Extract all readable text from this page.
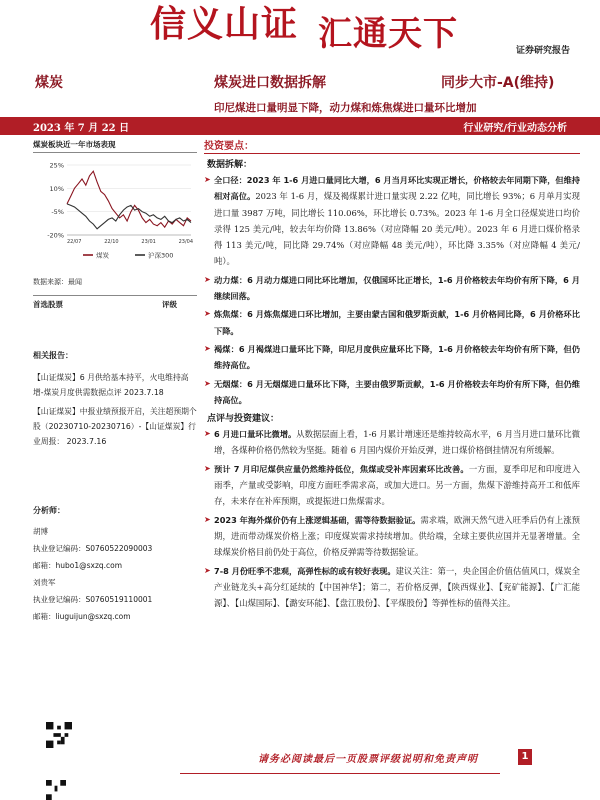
信义山证 汇通天下	证券研究报告
煤炭	煤炭进口数据拆解	同步大市-A(维持)
印尼煤进口量明显下降，动力煤和炼焦煤进口量环比增加
2023 年 7 月 22 日	行业研究/行业动态分析
煤炭板块近一年市场表现
25%
10%
-5%
-20%
22/07	22/10	23/01	23/04
煤炭	沪深300
数据来源：最闻
首选股票	评级
相关报告：

【山证煤炭】6 月供给基本持平，火电维持高增-煤炭月度供需数据点评 2023.7.18

【山证煤炭】中报业绩预报开启，关注超预期个股（20230710-20230716）-【山证煤炭】行业周报： 2023.7.16

分析师：

胡博

执业登记编码：S0760522090003

邮箱：hubo1@sxzq.com

刘贵军

执业登记编码：S0760519110001

邮箱：liuguijun@sxzq.com

投资要点：
数据拆解：
➤ 全口径：2023 年 1-6 月进口量同比大增，6 月当月环比实现正增长，价格较去年同期下降，但维持相对高位。2023 年 1-6 月，煤及褐煤累计进口量实现 2.22 亿吨，同比增长 93%；6 月单月实现进口量 3987 万吨，同比增长 110.06%，环比增长 0.73%。2023 年 1-6 月全口径煤炭进口均价录得 125 美元/吨，较去年均价降 13.86%（对应降幅 20 美元/吨）。2023 年 6 月进口煤价格录得 113 美元/吨，同比降 29.74%（对应降幅 48 美元/吨），环比降 3.35%（对应降幅 4 美元/吨）。
➤ 动力煤：6 月动力煤进口同比环比增加，仅俄国环比正增长，1-6 月价格较去年均价有所下降，6 月继续回落。
➤ 炼焦煤：6 月炼焦煤进口环比增加，主要由蒙古国和俄罗斯贡献，1-6 月价格同比降，6 月价格环比下降。
➤ 褐煤：6 月褐煤进口量环比下降，印尼月度供应量环比下降，1-6 月价格较去年均价有所下降，但仍维持高位。
➤ 无烟煤：6 月无烟煤进口量环比下降，主要由俄罗斯贡献，1-6 月价格较去年均价有所下降，但仍维持高位。
点评与投资建议：
➤ 6 月进口量环比微增。从数据层面上看，1-6 月累计增速还是维持较高水平，6 月当月进口量环比微增，各煤种价格仍然较为坚挺。随着 6 月国内煤价开始反弹，进口煤价格倒挂情况有所缓解。
➤ 预计 7 月印尼煤供应量仍然维持低位，焦煤或受补库因素环比改善。一方面，夏季印尼和印度进入雨季，产量或受影响，印度方面旺季需求高，或加大进口。另一方面，焦煤下游维持高开工和低库存，未来存在补库预期，或提振进口焦煤需求。
➤ 2023 年海外煤价仍有上涨逻辑基础，需等待数据验证。需求端，欧洲天然气进入旺季后仍有上涨预期，进而带动煤炭价格上涨；印度煤炭需求持续增加。供给端，全球主要供应国并无显著增量。全球煤炭价格目前仍处于高位，价格反弹需等待数据验证。
➤ 7-8 月份旺季不悲观，高弹性标的或有较好表现。建议关注：第一，央企国企价值估值风口，煤炭全产业链龙头+高分红延续的【中国神华】；第二，若价格反弹，【陕西煤业】、【兖矿能源】、【广汇能源】、【山煤国际】、【潞安环能】、【盘江股份】、【平煤股份】等弹性标的值得关注。
请务必阅读最后一页股票评级说明和免责声明	1
